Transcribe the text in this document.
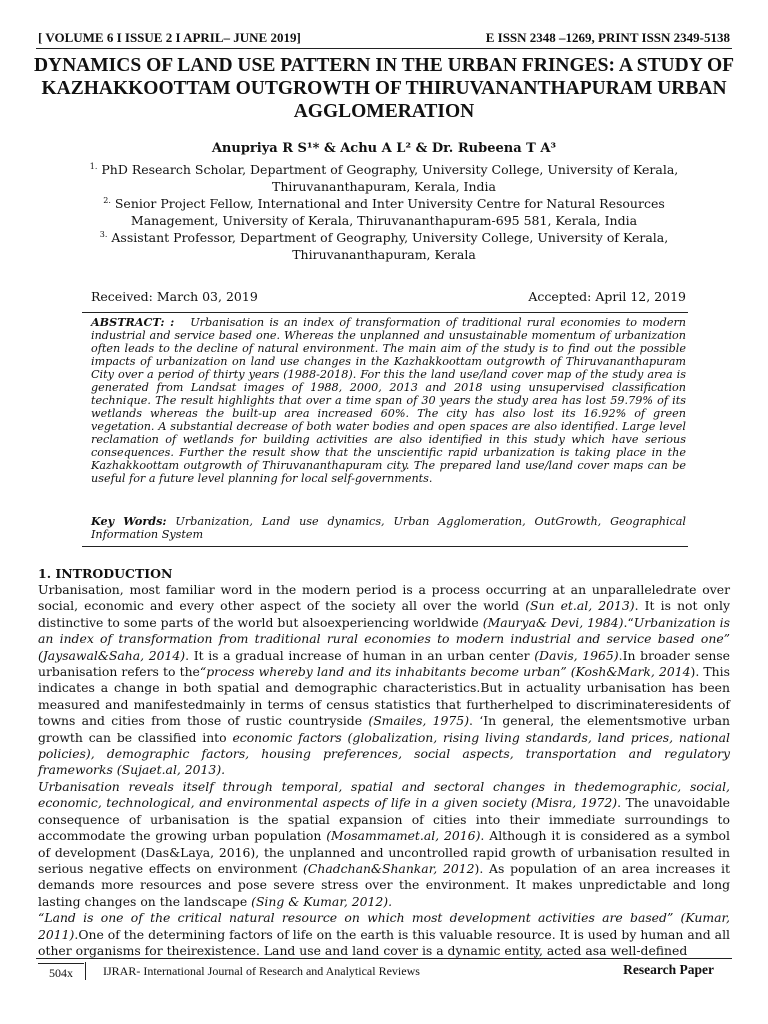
[ VOLUME 6 I ISSUE 2 I APRIL– JUNE 2019]	E ISSN 2348 –1269, PRINT ISSN 2349-5138
DYNAMICS OF LAND USE PATTERN IN THE URBAN FRINGES: A STUDY OF KAZHAKKOOTTAM OUTGROWTH OF THIRUVANANTHAPURAM URBAN AGGLOMERATION
Anupriya R S¹* & Achu A L² & Dr. Rubeena T A³
$^{1.}$ PhD Research Scholar, Department of Geography, University College, University of Kerala, Thiruvananthapuram, Kerala, India
$^{2.}$ Senior Project Fellow, International and Inter University Centre for Natural Resources Management, University of Kerala, Thiruvananthapuram-695 581, Kerala, India
$^{3.}$ Assistant Professor, Department of Geography, University College, University of Kerala, Thiruvananthapuram, Kerala
Received: March 03, 2019	Accepted: April 12, 2019
ABSTRACT: : Urbanisation is an index of transformation of traditional rural economies to modern industrial and service based one. Whereas the unplanned and unsustainable momentum of urbanization often leads to the decline of natural environment. The main aim of the study is to find out the possible impacts of urbanization on land use changes in the Kazhakkoottam outgrowth of Thiruvananthapuram City over a period of thirty years (1988-2018). For this the land use/land cover map of the study area is generated from Landsat images of 1988, 2000, 2013 and 2018 using unsupervised classification technique. The result highlights that over a time span of 30 years the study area has lost 59.79% of its wetlands whereas the built-up area increased 60%. The city has also lost its 16.92% of green vegetation. A substantial decrease of both water bodies and open spaces are also identified. Large level reclamation of wetlands for building activities are also identified in this study which have serious consequences. Further the result show that the unscientific rapid urbanization is taking place in the Kazhakkoottam outgrowth of Thiruvananthapuram city. The prepared land use/land cover maps can be useful for a future level planning for local self-governments.
Key Words: Urbanization, Land use dynamics, Urban Agglomeration, OutGrowth, Geographical Information System
1. INTRODUCTION

Urbanisation, most familiar word in the modern period is a process occurring at an unparalleledrate over social, economic and every other aspect of the society all over the world (Sun et.al, 2013). It is not only distinctive to some parts of the world but alsoexperiencing worldwide (Maurya& Devi, 1984).“Urbanization is an index of transformation from traditional rural economies to modern industrial and service based one” (Jaysawal&Saha, 2014). It is a gradual increase of human in an urban center (Davis, 1965).In broader sense urbanisation refers to the“process whereby land and its inhabitants become urban” (Kosh&Mark, 2014). This indicates a change in both spatial and demographic characteristics.But in actuality urbanisation has been measured and manifestedmainly in terms of census statistics that furtherhelped to discriminateresidents of towns and cities from those of rustic countryside (Smailes, 1975). ‘In general, the elementsmotive urban growth can be classified into economic factors (globalization, rising living standards, land prices, national policies), demographic factors, housing preferences, social aspects, transportation and regulatory frameworks (Sujaet.al, 2013).

Urbanisation reveals itself through temporal, spatial and sectoral changes in thedemographic, social, economic, technological, and environmental aspects of life in a given society (Misra, 1972). The unavoidable consequence of urbanisation is the spatial expansion of cities into their immediate surroundings to accommodate the growing urban population (Mosammamet.al, 2016). Although it is considered as a symbol of development (Das&Laya, 2016), the unplanned and uncontrolled rapid growth of urbanisation resulted in serious negative effects on environment (Chadchan&Shankar, 2012). As population of an area increases it demands more resources and pose severe stress over the environment. It makes unpredictable and long lasting changes on the landscape (Sing & Kumar, 2012).

“Land is one of the critical natural resource on which most development activities are based” (Kumar, 2011).One of the determining factors of life on the earth is this valuable resource. It is used by human and all other organisms for theirexistence. Land use and land cover is a dynamic entity, acted asa well-defined

504x	IJRAR- International Journal of Research and Analytical Reviews	Research Paper
